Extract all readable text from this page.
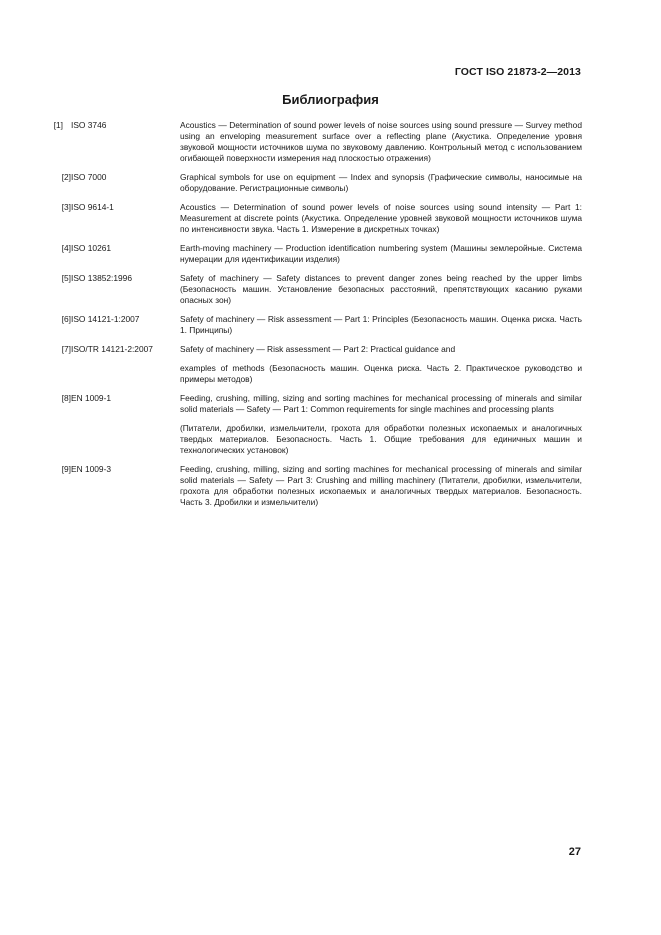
ГОСТ ISO 21873-2—2013
Библиография
[1] ISO 3746	Acoustics — Determination of sound power levels of noise sources using sound pressure — Survey method using an enveloping measurement surface over a reflecting plane (Акустика. Определение уровня звуковой мощности источников шума по звуковому давлению. Контрольный метод с использованием огибающей поверхности измерения над плоскостью отражения)

[2] ISO 7000	Graphical symbols for use on equipment — Index and synopsis (Графические символы, наносимые на оборудование. Регистрационные символы)

[3] ISO 9614-1	Acoustics — Determination of sound power levels of noise sources using sound intensity — Part 1: Measurement at discrete points (Акустика. Определение уровней звуковой мощности источников шума по интенсивности звука. Часть 1. Измерение в дискретных точках)

[4] ISO 10261	Earth-moving machinery — Production identification numbering system (Машины землеройные. Система нумерации для идентификации изделия)

[5] ISO 13852:1996	Safety of machinery — Safety distances to prevent danger zones being reached by the upper limbs (Безопасность машин. Установление безопасных расстояний, препятствующих касанию руками опасных зон)

[6] ISO 14121-1:2007	Safety of machinery — Risk assessment — Part 1: Principles (Безопасность машин. Оценка риска. Часть 1. Принципы)

[7] ISO/TR 14121-2:2007	Safety of machinery — Risk assessment — Part 2: Practical guidance and

examples of methods (Безопасность машин. Оценка риска. Часть 2. Практическое руководство и примеры методов)

[8] EN 1009-1	Feeding, crushing, milling, sizing and sorting machines for mechanical processing of minerals and similar solid materials — Safety — Part 1: Common requirements for single machines and processing plants

(Питатели, дробилки, измельчители, грохота для обработки полезных ископаемых и аналогичных твердых материалов. Безопасность. Часть 1. Общие требования для единичных машин и технологических установок)

[9] EN 1009-3	Feeding, crushing, milling, sizing and sorting machines for mechanical processing of minerals and similar solid materials — Safety — Part 3: Crushing and milling machinery (Питатели, дробилки, измельчители, грохота для обработки полезных ископаемых и аналогичных твердых материалов. Безопасность. Часть 3. Дробилки и измельчители)

27
